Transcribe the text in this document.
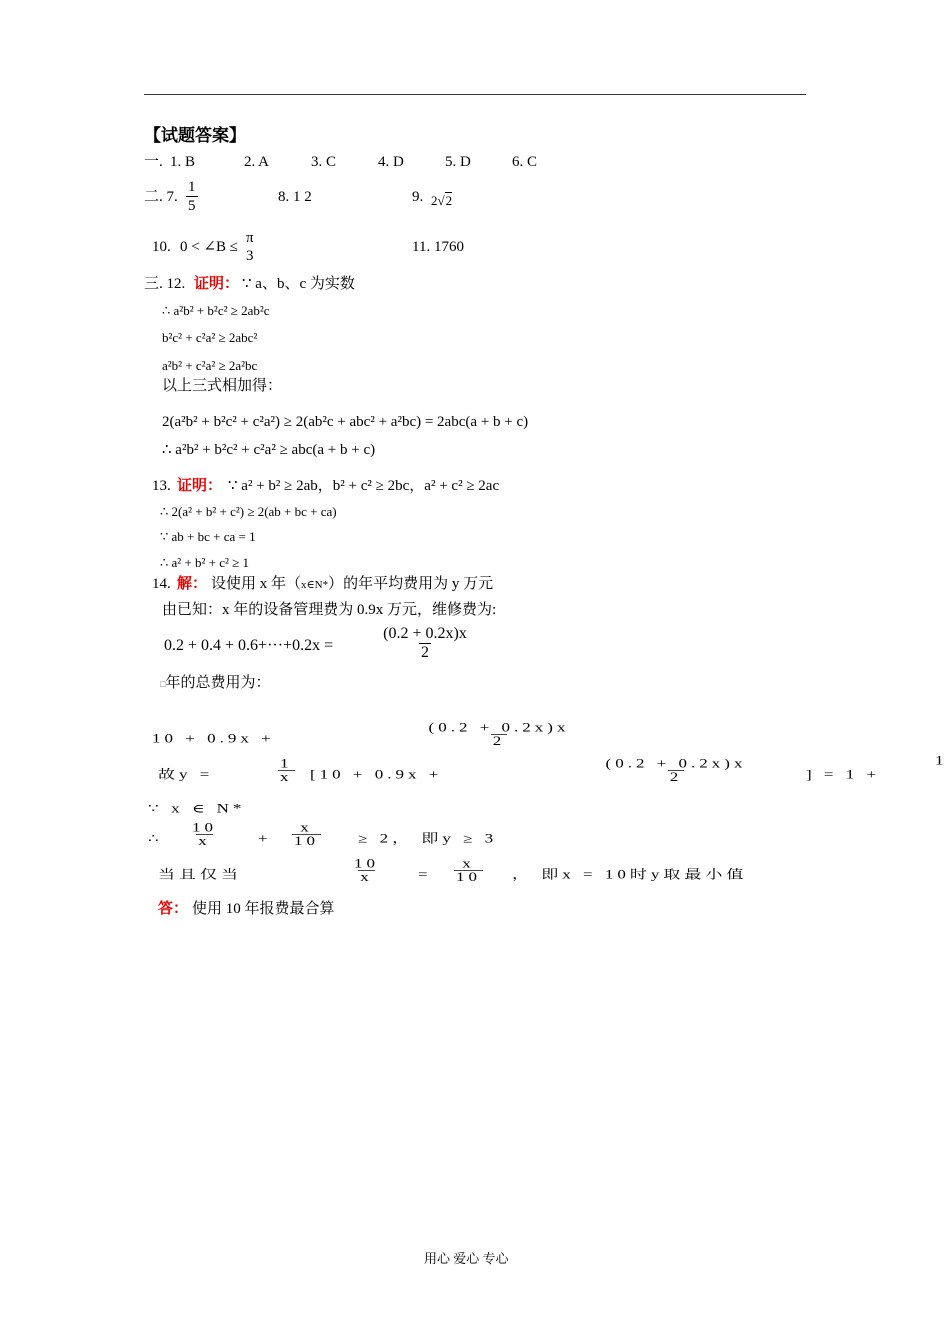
【试题答案】
一. 1. B	2. A	3. C	4. D	5. D	6. C
二. 7. $\frac{1}{5}$	8. 1 2	9. 2√2
10. 0 < ∠B ≤
π
3
11. 1760
三. 12. 证明： ∵ a、b、c 为实数
∴ a²b² + b²c² ≥ 2ab²c
b²c² + c²a² ≥ 2abc²
a²b² + c²a² ≥ 2a²bc
以上三式相加得：
2(a²b² + b²c² + c²a²) ≥ 2(ab²c + abc² + a²bc) = 2abc(a + b + c)
∴ a²b² + b²c² + c²a² ≥ abc(a + b + c)
13. 证明： ∵ a² + b² ≥ 2ab，b² + c² ≥ 2bc，a² + c² ≥ 2ac
∴ 2(a² + b² + c²) ≥ 2(ab + bc + ca)
∵ ab + bc + ca = 1
∴ a² + b² + c² ≥ 1
14. 解： 设使用 x 年（x∈N*）的年平均费用为 y 万元
由已知：x 年的设备管理费为 0.9x 万元，维修费为:
$0.2 + 0.4 + 0.6+\cdot\cdot\cdot+0.2x = \frac{(0.2 + 0.2x)x}{2}$
□年的总费用为：
10 + 0.9x +	$\frac{(0.2 + 0.2x)x}{2}$
故y =	$\frac{1}{x} [10 + 0.9x$ +	$\frac{(0.2 + 0.2x)x}{2}$ ] = 1 +
1
∵ x ∈ N*
∴ $\frac{10}{x} + \frac{x}{10} \ge 2$， 即y ≥ 3
当且仅当	$\frac{10}{x} = \frac{x}{10}$ ， 即x = 10时y取最小值
答： 使用 10 年报费最合算
用心 爱心 专心
